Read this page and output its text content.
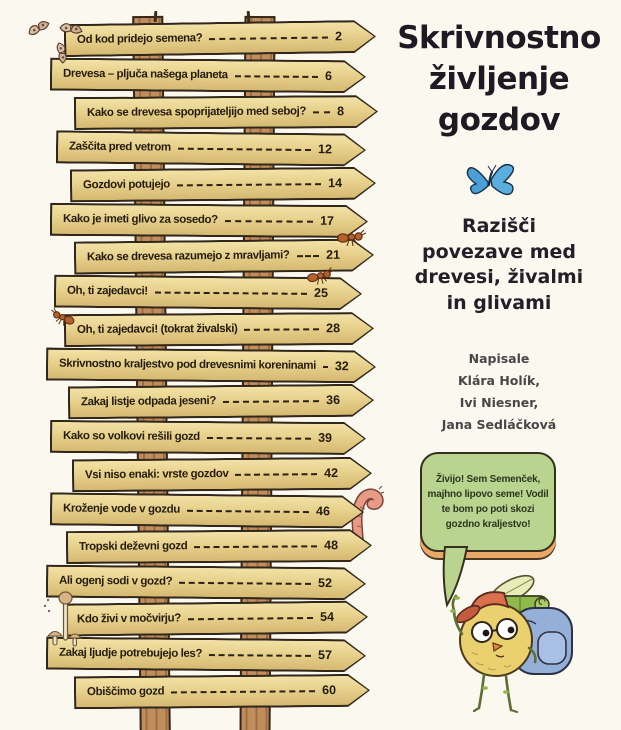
Od kod pridejo semena?	2
Drevesa – pljuča našega planeta	6
Kako se drevesa spoprijateljijo med seboj? 8
Zaščita pred vetrom	12
Gozdovi potujejo	14
Kako je imeti glivo za sosedo?	17
Kako se drevesa razumejo z mravljami?	21
Oh, ti zajedavci!	25
Oh, ti zajedavci! (tokrat živalski)	28
Skrivnostno kraljestvo pod drevesnimi koreninami 32
Zakaj listje odpada jeseni?	36
Kako so volkovi rešili gozd	39
Vsi niso enaki: vrste gozdov	42
Kroženje vode v gozdu	46
Tropski deževni gozd	48
Ali ogenj sodi v gozd?	52
Kdo živi v močvirju?	54
Zakaj ljudje potrebujejo les?	57
Obiščimo gozd	60
Skrivnostno
življenje
gozdov
Razišči
povezave med
drevesi, živalmi
in glivami
Napisale
Klára Holík,
Ivi Niesner,
Jana Sedláčková
Živijo! Sem Semenček,
majhno lipovo seme! Vodil
te bom po poti skozi
gozdno kraljestvo!
